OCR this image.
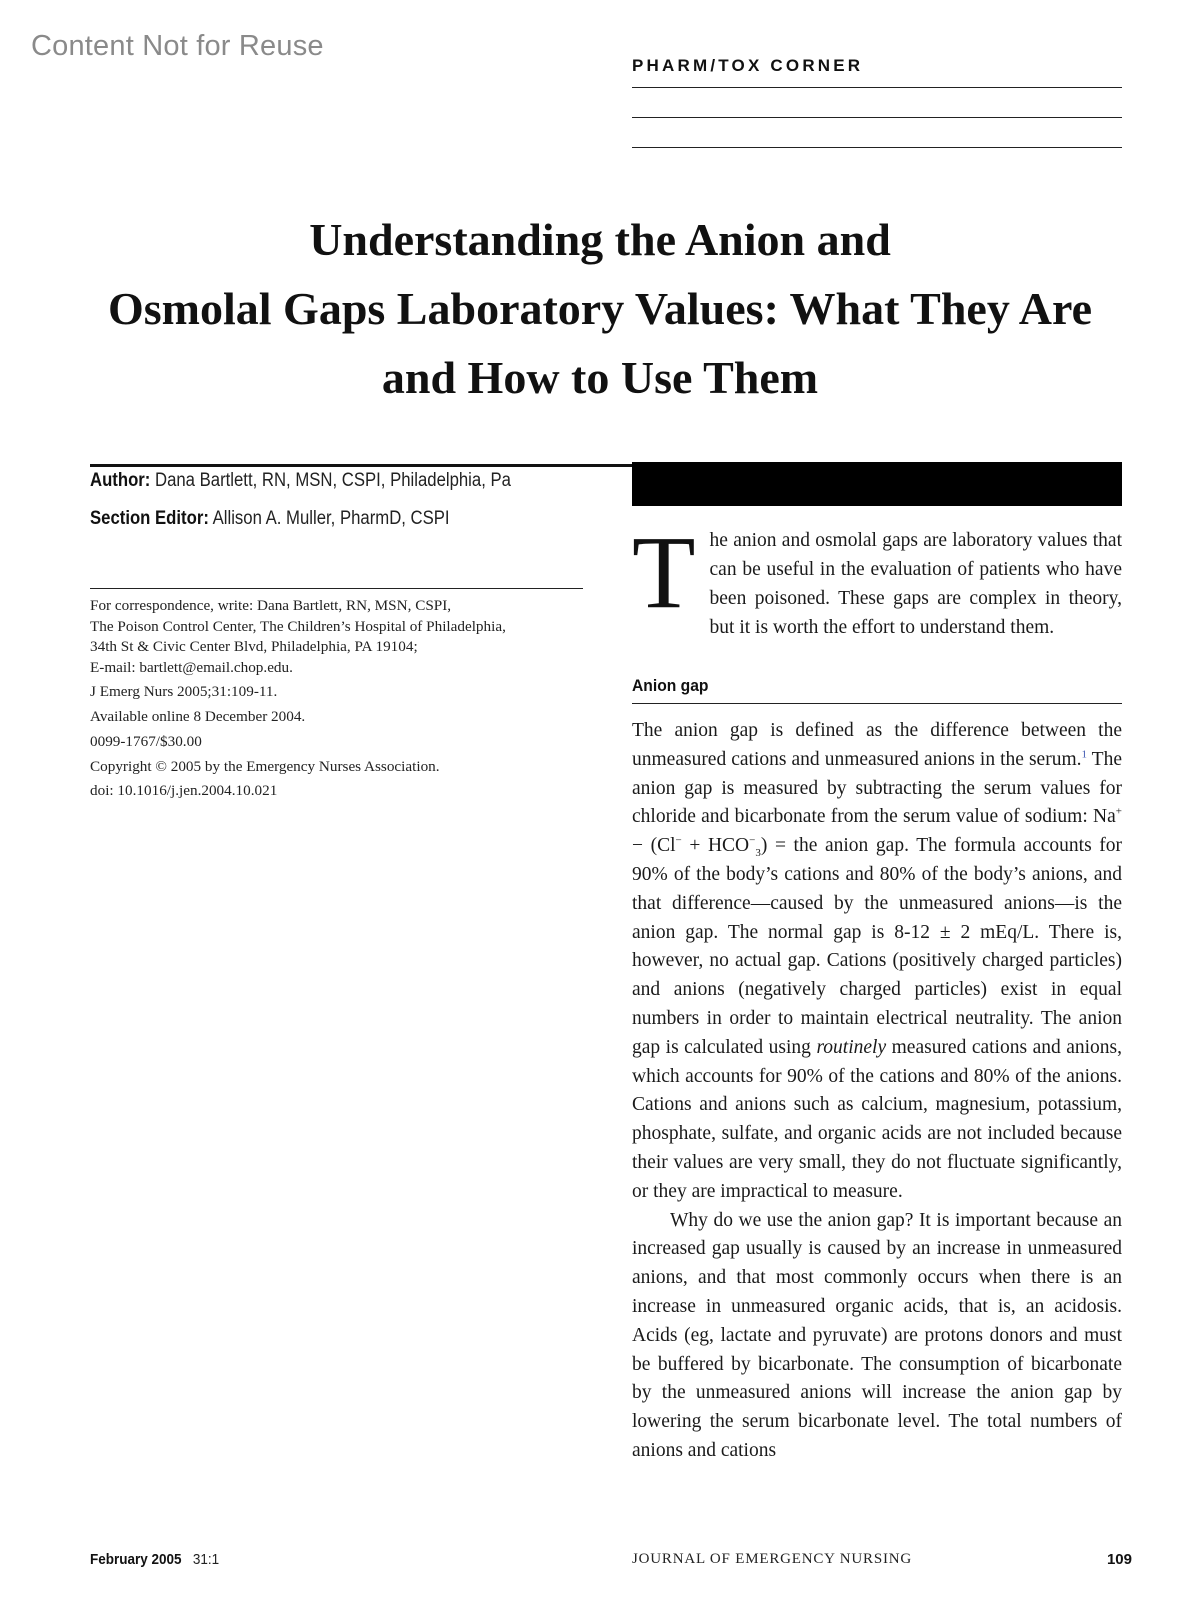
Content Not for Reuse
PHARM/TOX CORNER
Understanding the Anion and
Osmolal Gaps Laboratory Values: What They Are
and How to Use Them
Author: Dana Bartlett, RN, MSN, CSPI, Philadelphia, Pa
Section Editor: Allison A. Muller, PharmD, CSPI
For correspondence, write: Dana Bartlett, RN, MSN, CSPI,
The Poison Control Center, The Children’s Hospital of Philadelphia,
34th St & Civic Center Blvd, Philadelphia, PA 19104;
E-mail: bartlett@email.chop.edu.
J Emerg Nurs 2005;31:109-11.
Available online 8 December 2004.
0099-1767/$30.00
Copyright © 2005 by the Emergency Nurses Association.
doi: 10.1016/j.jen.2004.10.021
T he anion and osmolal gaps are laboratory values that can be useful in the evaluation of patients who have been poisoned. These gaps are complex in theory, but it is worth the effort to understand them.
Anion gap

The anion gap is defined as the difference between the unmeasured cations and unmeasured anions in the serum.$^1$ The anion gap is measured by subtracting the serum values for chloride and bicarbonate from the serum value of sodium: $Na^+ - (Cl^- + HCO^-_3)$ = the anion gap. The formula accounts for 90% of the body’s cations and 80% of the body’s anions, and that difference—caused by the unmeasured anions—is the anion gap. The normal gap is 8-12 ± 2 mEq/L. There is, however, no actual gap. Cations (positively charged particles) and anions (negatively charged particles) exist in equal numbers in order to maintain electrical neutrality. The anion gap is calculated using routinely measured cations and anions, which accounts for 90% of the cations and 80% of the anions. Cations and anions such as calcium, magnesium, potassium, phosphate, sulfate, and organic acids are not included because their values are very small, they do not fluctuate significantly, or they are impractical to measure.

Why do we use the anion gap? It is important because an increased gap usually is caused by an increase in unmeasured anions, and that most commonly occurs when there is an increase in unmeasured organic acids, that is, an acidosis. Acids (eg, lactate and pyruvate) are protons donors and must be buffered by bicarbonate. The consumption of bicarbonate by the unmeasured anions will increase the anion gap by lowering the serum bicarbonate level. The total numbers of anions and cations

February 2005 31:1	JOURNAL OF EMERGENCY NURSING	109
